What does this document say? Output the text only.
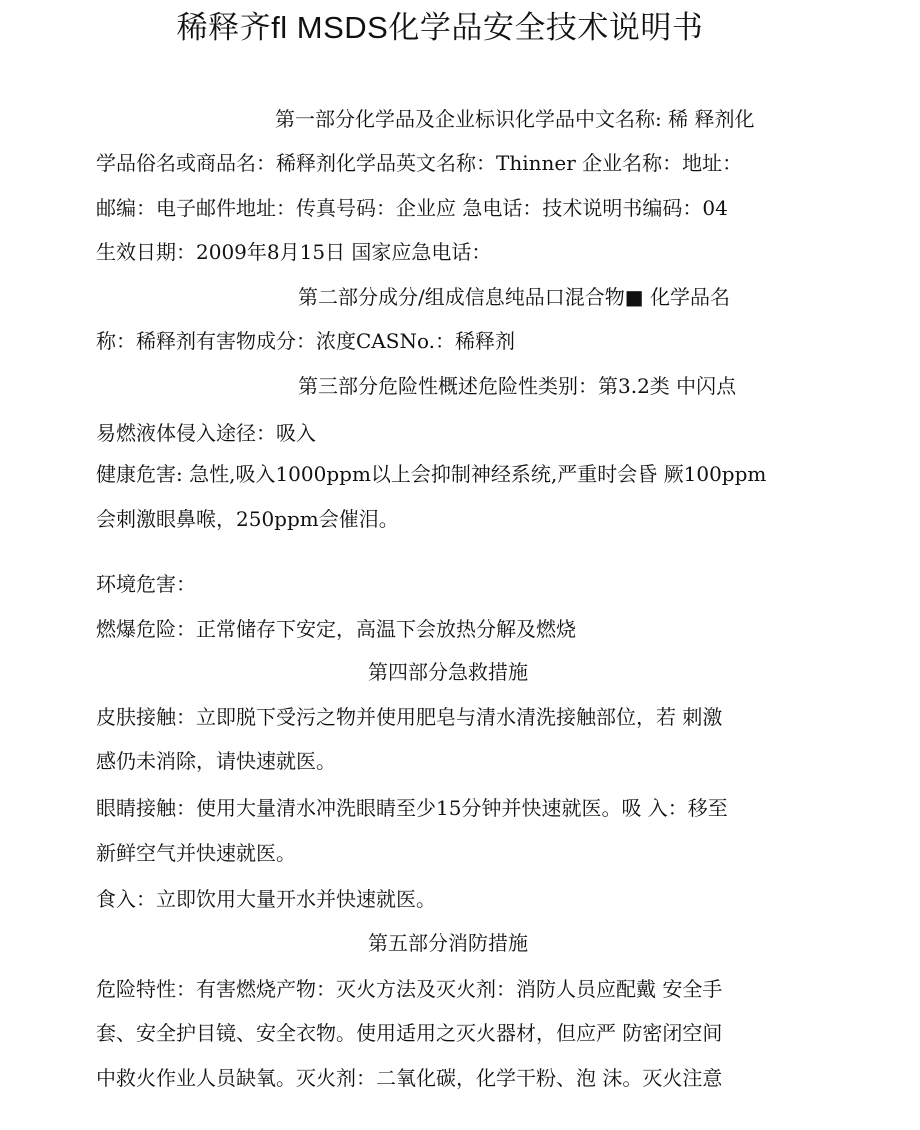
稀释齐fl MSDS化学品安全技术说明书
第一部分化学品及企业标识化学品中文名称: 稀 释剂化
学品俗名或商品名：稀释剂化学品英文名称：Thinner 企业名称：地址：
邮编：电子邮件地址：传真号码：企业应 急电话：技术说明书编码：04
生效日期：2009年8月15日 国家应急电话：
第二部分成分/组成信息纯品口混合物■ 化学品名
称：稀释剂有害物成分：浓度CASNo.：稀释剂
第三部分危险性概述危险性类别：第3.2类 中闪点
易燃液体侵入途径：吸入
健康危害: 急性,吸入1000ppm以上会抑制神经系统,严重时会昏 厥100ppm
会刺激眼鼻喉，250ppm会催泪。
环境危害：
燃爆危险：正常储存下安定，高温下会放热分解及燃烧
第四部分急救措施
皮肤接触：立即脱下受污之物并使用肥皂与清水清洗接触部位，若 刺激
感仍未消除，请快速就医。
眼睛接触：使用大量清水冲洗眼睛至少15分钟并快速就医。吸 入：移至
新鲜空气并快速就医。
食入：立即饮用大量开水并快速就医。
第五部分消防措施
危险特性：有害燃烧产物：灭火方法及灭火剂：消防人员应配戴 安全手
套、安全护目镜、安全衣物。使用适用之灭火器材，但应严 防密闭空间
中救火作业人员缺氧。灭火剂：二氧化碳，化学干粉、泡 沫。灭火注意
